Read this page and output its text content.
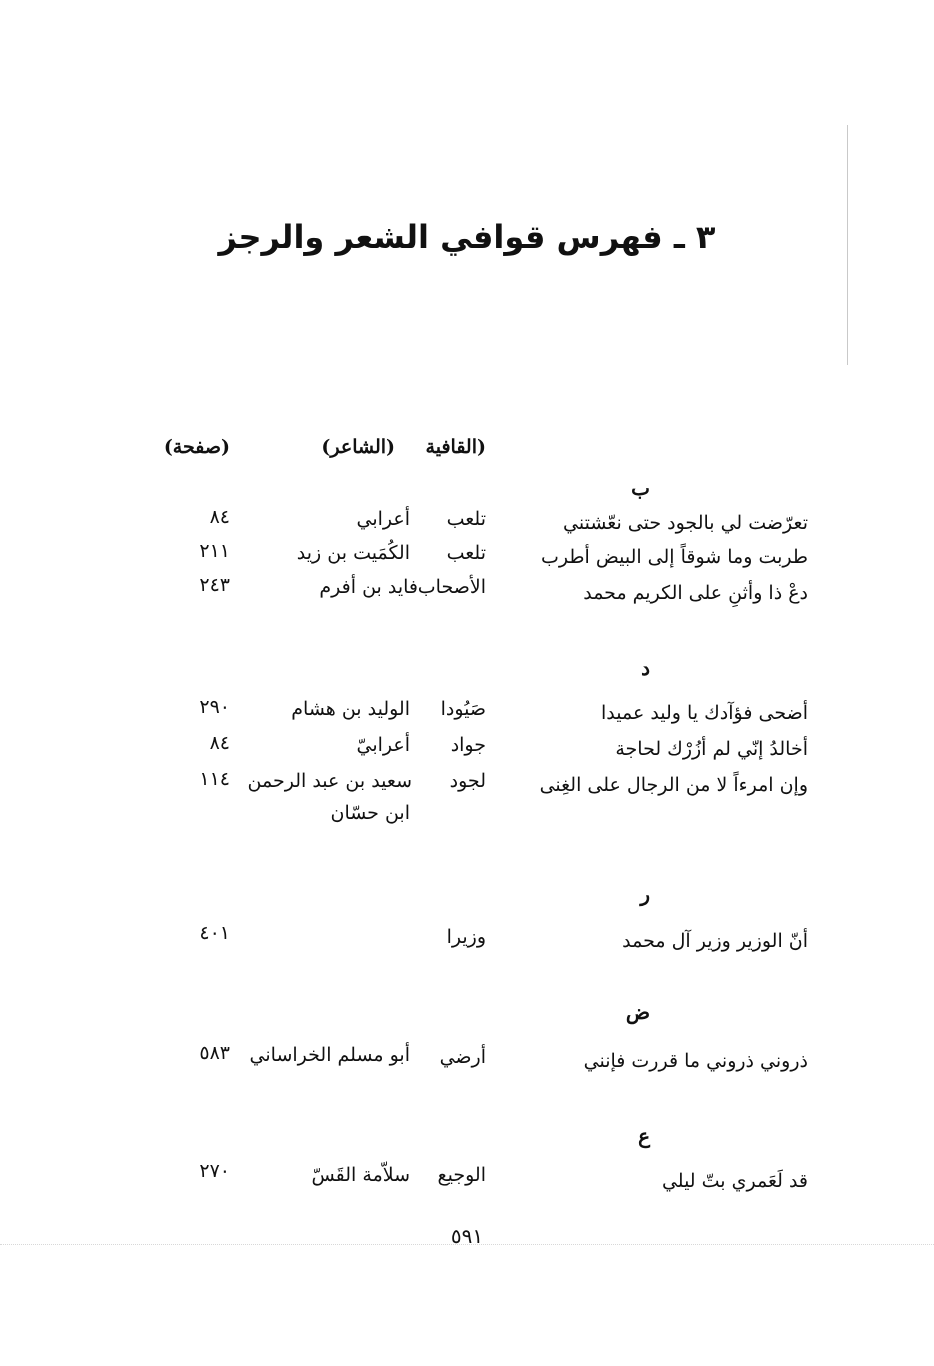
٣ ـ فهرس قوافي الشعر والرجز
(القافية
(الشاعر)
(صفحة)
ب
تعرّضت لي بالجود حتى نعّشتني
تلعب
أعرابي
٨٤
طربت وما شوقاً إلى البيض أطرب
تلعب
الكُمَيت بن زيد
٢١١
دعْ ذا وأثنِ على الكريم محمد
الأصحاب
فايد بن أفرم
٢٤٣
د
أضحى فؤآدك يا وليد عميدا
صَيُودا
الوليد بن هشام
٢٩٠
أخالدُ إنّي لم أزُرْك لحاجة
جواد
أعرابيّ
٨٤
وإن امرءاً لا من الرجال على الغِنى
لجود
سعيد بن عبد الرحمن
ابن حسّان
١١٤
ر
أنّ الوزير وزير آل محمد
وزيرا
٤٠١
ض
ذروني ذروني ما قررت فإنني
أرضي
أبو مسلم الخراساني
٥٨٣
ع
قد لَعَمري بتّ ليلي
الوجيع
سلاّمة القَسّ
٢٧٠
٥٩١
